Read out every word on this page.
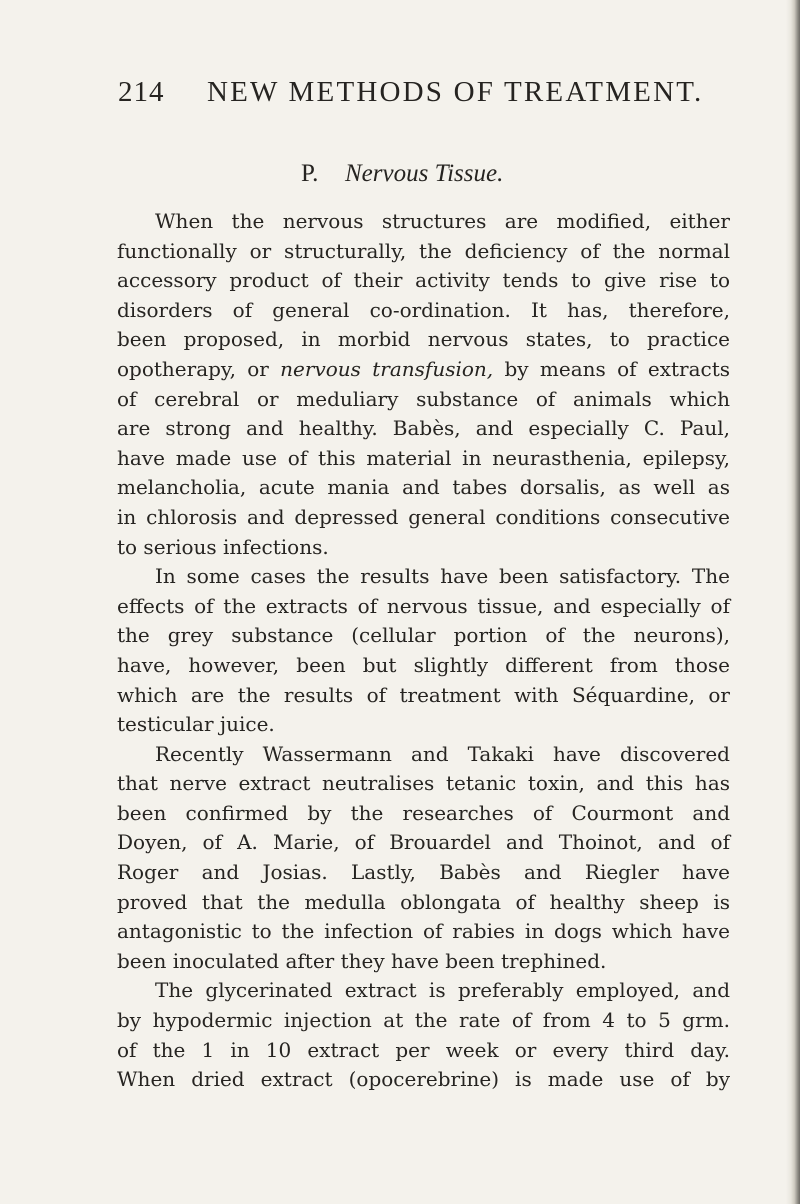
214 NEW METHODS OF TREATMENT.
P. Nervous Tissue.
When the nervous structures are modified, either
functionally or structurally, the deficiency of the normal
accessory product of their activity tends to give rise to
disorders of general co-ordination. It has, therefore,
been proposed, in morbid nervous states, to practice
opotherapy, or nervous transfusion, by means of extracts
of cerebral or meduliary substance of animals which
are strong and healthy. Babès, and especially C. Paul,
have made use of this material in neurasthenia, epilepsy,
melancholia, acute mania and tabes dorsalis, as well as
in chlorosis and depressed general conditions consecutive
to serious infections.
In some cases the results have been satisfactory. The
effects of the extracts of nervous tissue, and especially of
the grey substance (cellular portion of the neurons),
have, however, been but slightly different from those
which are the results of treatment with Séquardine, or
testicular juice.
Recently Wassermann and Takaki have discovered
that nerve extract neutralises tetanic toxin, and this has
been confirmed by the researches of Courmont and
Doyen, of A. Marie, of Brouardel and Thoinot, and of
Roger and Josias. Lastly, Babès and Riegler have
proved that the medulla oblongata of healthy sheep is
antagonistic to the infection of rabies in dogs which have
been inoculated after they have been trephined.
The glycerinated extract is preferably employed, and
by hypodermic injection at the rate of from 4 to 5 grm.
of the 1 in 10 extract per week or every third day.
When dried extract (opocerebrine) is made use of by
